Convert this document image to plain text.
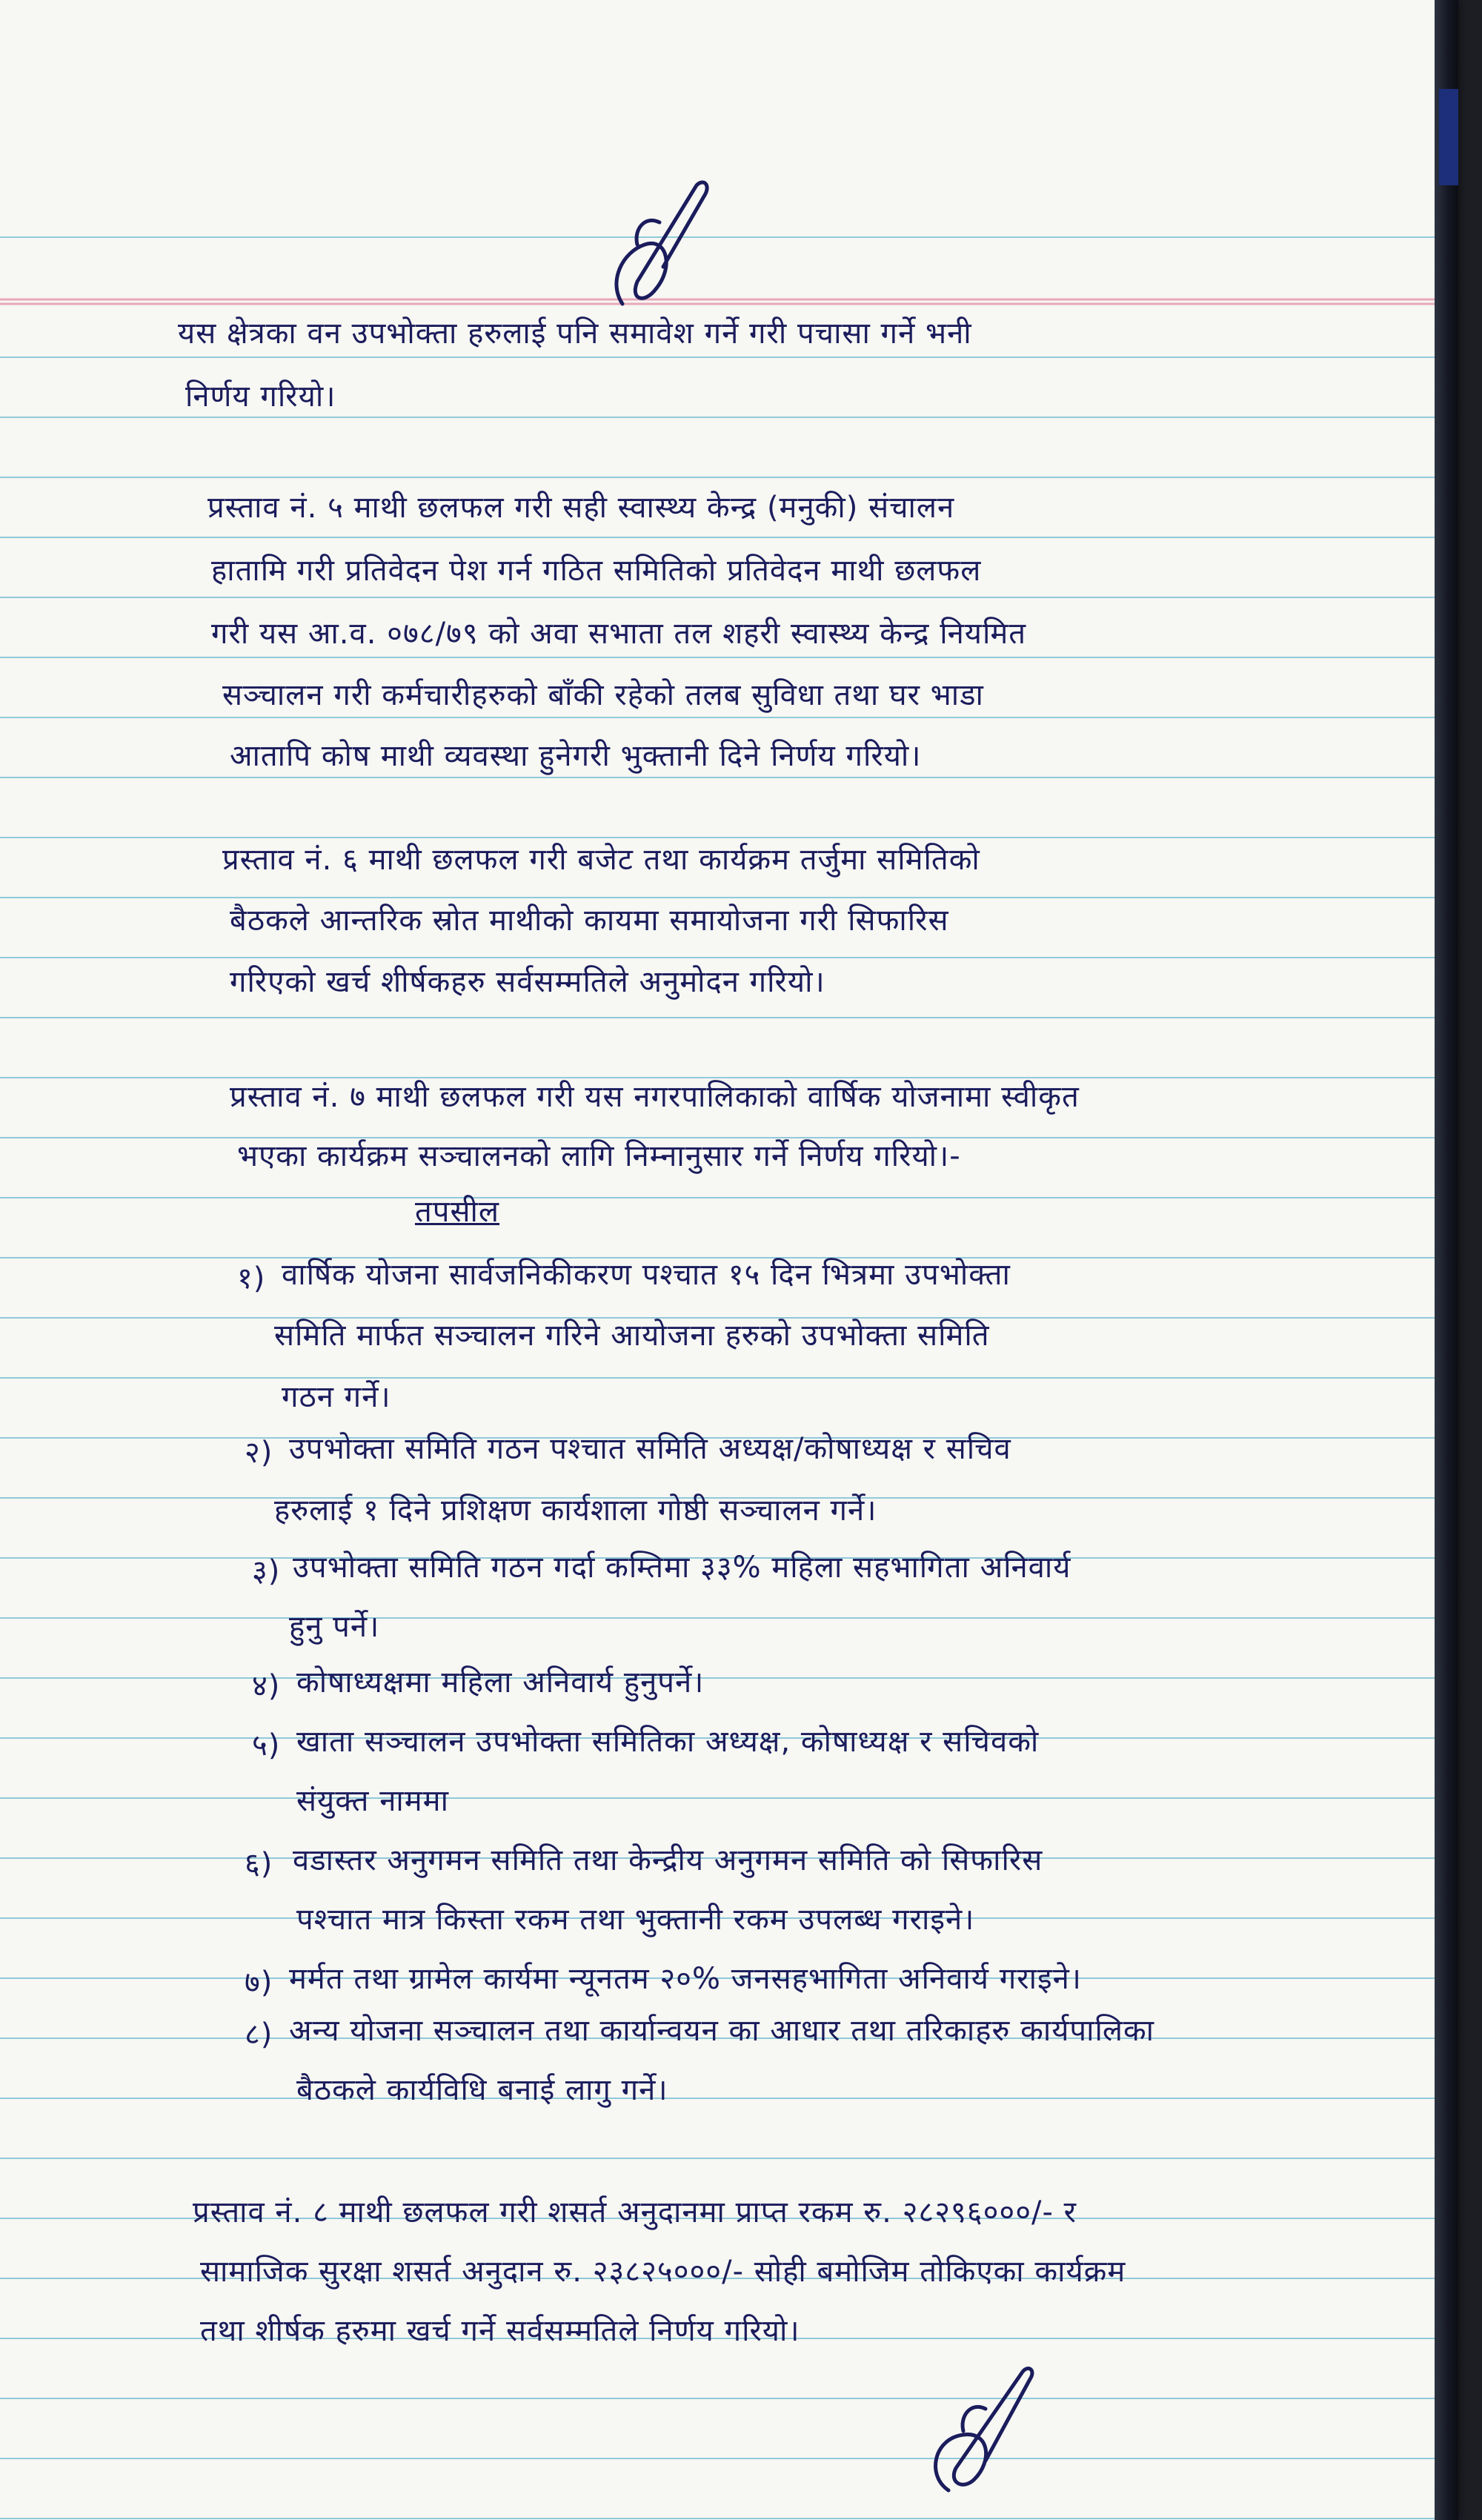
यस क्षेत्रका वन उपभोक्ता हरुलाई पनि समावेश गर्ने गरी पचासा गर्ने भनी
निर्णय गरियो।
प्रस्ताव नं. ५ माथी छलफल गरी सही स्वास्थ्य केन्द्र (मनुकी) संचालन
हातामि गरी प्रतिवेदन पेश गर्न गठित समितिको प्रतिवेदन माथी छलफल
गरी यस आ.व. ०७८/७९ को अवा सभाता तल शहरी स्वास्थ्य केन्द्र नियमित
सञ्चालन गरी कर्मचारीहरुको बाँकी रहेको तलब सुविधा तथा घर भाडा
आतापि कोष माथी व्यवस्था हुनेगरी भुक्तानी दिने निर्णय गरियो।
प्रस्ताव नं. ६ माथी छलफल गरी बजेट तथा कार्यक्रम तर्जुमा समितिको
बैठकले आन्तरिक स्रोत माथीको कायमा समायोजना गरी सिफारिस
गरिएको खर्च शीर्षकहरु सर्वसम्मतिले अनुमोदन गरियो।
प्रस्ताव नं. ७ माथी छलफल गरी यस नगरपालिकाको वार्षिक योजनामा स्वीकृत
भएका कार्यक्रम सञ्चालनको लागि निम्नानुसार गर्ने निर्णय गरियो।-
तपसील
१) वार्षिक योजना सार्वजनिकीकरण पश्चात १५ दिन भित्रमा उपभोक्ता
समिति मार्फत सञ्चालन गरिने आयोजना हरुको उपभोक्ता समिति
गठन गर्ने।
२) उपभोक्ता समिति गठन पश्चात समिति अध्यक्ष/कोषाध्यक्ष र सचिव
हरुलाई १ दिने प्रशिक्षण कार्यशाला गोष्ठी सञ्चालन गर्ने।
३) उपभोक्ता समिति गठन गर्दा कम्तिमा ३३% महिला सहभागिता अनिवार्य
हुनु पर्ने।
४) कोषाध्यक्षमा महिला अनिवार्य हुनुपर्ने।
५) खाता सञ्चालन उपभोक्ता समितिका अध्यक्ष, कोषाध्यक्ष र सचिवको
संयुक्त नाममा
६) वडास्तर अनुगमन समिति तथा केन्द्रीय अनुगमन समिति को सिफारिस
पश्चात मात्र किस्ता रकम तथा भुक्तानी रकम उपलब्ध गराइने।
७) मर्मत तथा ग्रामेल कार्यमा न्यूनतम २०% जनसहभागिता अनिवार्य गराइने।
८) अन्य योजना सञ्चालन तथा कार्यान्वयन का आधार तथा तरिकाहरु कार्यपालिका
बैठकले कार्यविधि बनाई लागु गर्ने।
प्रस्ताव नं. ८ माथी छलफल गरी शसर्त अनुदानमा प्राप्त रकम रु. २८२९६०००/- र
सामाजिक सुरक्षा शसर्त अनुदान रु. २३८२५०००/- सोही बमोजिम तोकिएका कार्यक्रम
तथा शीर्षक हरुमा खर्च गर्ने सर्वसम्मतिले निर्णय गरियो।
